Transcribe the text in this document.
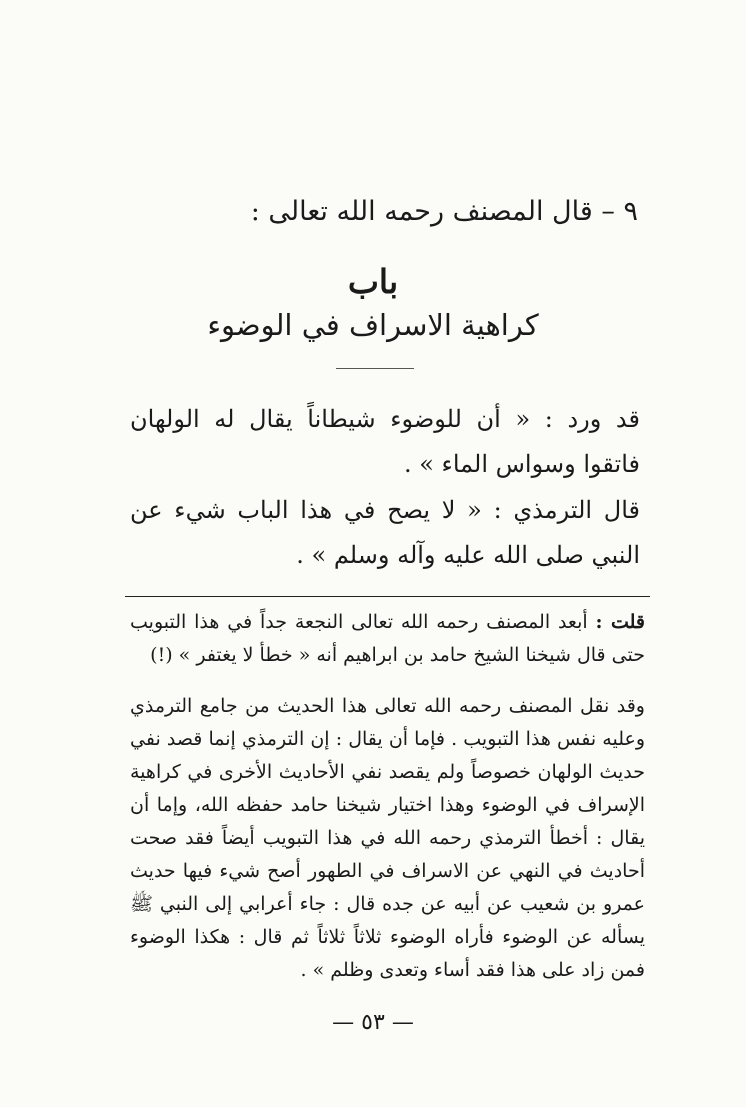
٩ – قال المصنف رحمه الله تعالى :
باب
كراهية الاسراف في الوضوء
قد ورد : « أن للوضوء شيطاناً يقال له الولهان فاتقوا وسواس الماء » .
قال الترمذي : « لا يصح في هذا الباب شيء عن النبي صلى الله عليه وآله وسلم » .
قلت : أبعد المصنف رحمه الله تعالى النجعة جداً في هذا التبويب حتى قال شيخنا الشيخ حامد بن ابراهيم أنه « خطأ لا يغتفر » (!)
وقد نقل المصنف رحمه الله تعالى هذا الحديث من جامع الترمذي وعليه نفس هذا التبويب . فإما أن يقال : إن الترمذي إنما قصد نفي حديث الولهان خصوصاً ولم يقصد نفي الأحاديث الأخرى في كراهية الإسراف في الوضوء وهذا اختيار شيخنا حامد حفظه الله، وإما أن يقال : أخطأ الترمذي رحمه الله في هذا التبويب أيضاً فقد صحت أحاديث في النهي عن الاسراف في الطهور أصح شيء فيها حديث عمرو بن شعيب عن أبيه عن جده قال : جاء أعرابي إلى النبي ﷺ يسأله عن الوضوء فأراه الوضوء ثلاثاً ثلاثاً ثم قال : هكذا الوضوء فمن زاد على هذا فقد أساء وتعدى وظلم » .
— ٥٣ —
